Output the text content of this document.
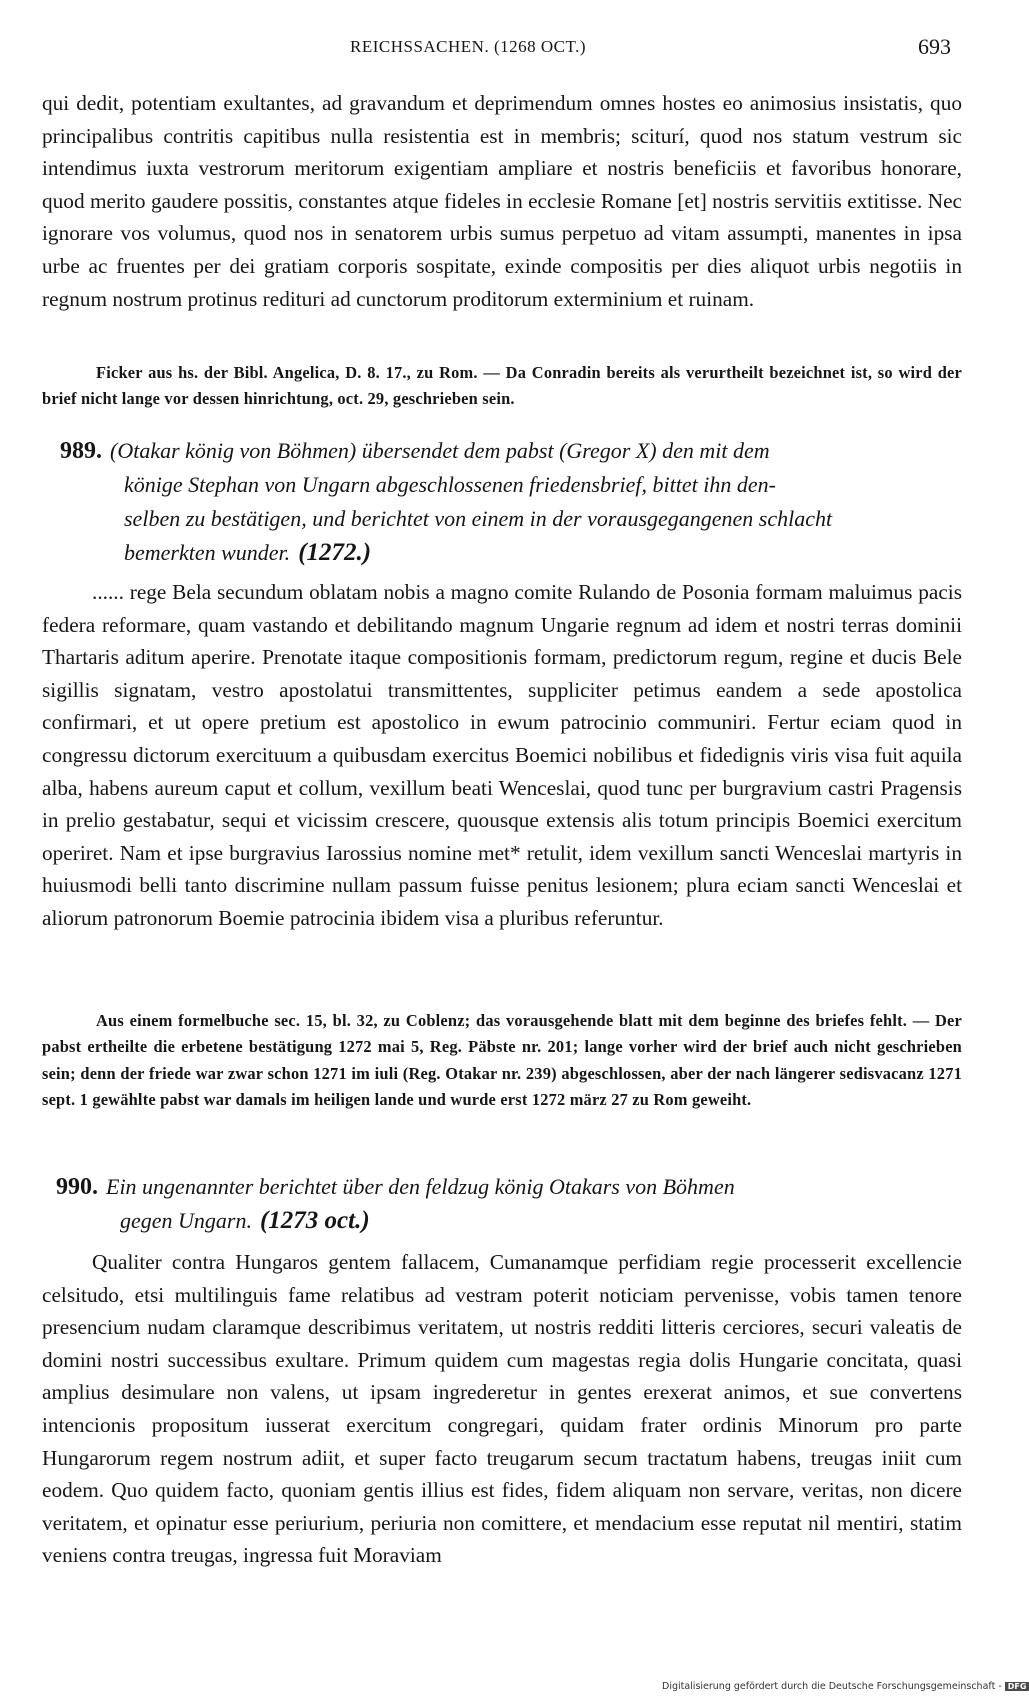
REICHSSACHEN. (1268 OCT.)	693

qui dedit, potentiam exultantes, ad gravandum et deprimendum omnes hostes eo animosius insistatis, quo principalibus contritis capitibus nulla resistentia est in membris; sciturí, quod nos statum vestrum sic intendimus iuxta vestrorum meritorum exigentiam ampliare et nostris beneficiis et favoribus honorare, quod merito gaudere possitis, constantes atque fideles in ecclesie Romane [et] nostris servitiis extitisse. Nec ignorare vos volumus, quod nos in senatorem urbis sumus perpetuo ad vitam assumpti, manentes in ipsa urbe ac fruentes per dei gratiam corporis sospitate, exinde compositis per dies aliquot urbis negotiis in regnum nostrum protinus redituri ad cunctorum proditorum exterminium et ruinam.

Ficker aus hs. der Bibl. Angelica, D. 8. 17., zu Rom. — Da Conradin bereits als verurtheilt bezeichnet ist, so wird der brief nicht lange vor dessen hinrichtung, oct. 29, geschrieben sein.

989. (Otakar könig von Böhmen) übersendet dem pabst (Gregor X) den mit dem
könige Stephan von Ungarn abgeschlossenen friedensbrief, bittet ihn den-
selben zu bestätigen, und berichtet von einem in der vorausgegangenen schlacht
bemerkten wunder. (1272.)

...... rege Bela secundum oblatam nobis a magno comite Rulando de Posonia formam maluimus pacis federa reformare, quam vastando et debilitando magnum Ungarie regnum ad idem et nostri terras dominii Thartaris aditum aperire. Prenotate itaque compositionis formam, predictorum regum, regine et ducis Bele sigillis signatam, vestro apostolatui transmittentes, suppliciter petimus eandem a sede apostolica confirmari, et ut opere pretium est apostolico in ewum patrocinio communiri. Fertur eciam quod in congressu dictorum exercituum a quibusdam exercitus Boemici nobilibus et fidedignis viris visa fuit aquila alba, habens aureum caput et collum, vexillum beati Wenceslai, quod tunc per burgravium castri Pragensis in prelio gestabatur, sequi et vicissim crescere, quousque extensis alis totum principis Boemici exercitum operiret. Nam et ipse burgravius Iarossius nomine met* retulit, idem vexillum sancti Wenceslai martyris in huiusmodi belli tanto discrimine nullam passum fuisse penitus lesionem; plura eciam sancti Wenceslai et aliorum patronorum Boemie patrocinia ibidem visa a pluribus referuntur.

Aus einem formelbuche sec. 15, bl. 32, zu Coblenz; das vorausgehende blatt mit dem beginne des briefes fehlt. — Der pabst ertheilte die erbetene bestätigung 1272 mai 5, Reg. Päbste nr. 201; lange vorher wird der brief auch nicht geschrieben sein; denn der friede war zwar schon 1271 im iuli (Reg. Otakar nr. 239) abgeschlossen, aber der nach längerer sedisvacanz 1271 sept. 1 gewählte pabst war damals im heiligen lande und wurde erst 1272 märz 27 zu Rom geweiht.

990. Ein ungenannter berichtet über den feldzug könig Otakars von Böhmen
gegen Ungarn. (1273 oct.)

Qualiter contra Hungaros gentem fallacem, Cumanamque perfidiam regie processerit excellencie celsitudo, etsi multilinguis fame relatibus ad vestram poterit noticiam pervenisse, vobis tamen tenore presencium nudam claramque describimus veritatem, ut nostris redditi litteris cerciores, securi valeatis de domini nostri successibus exultare. Primum quidem cum magestas regia dolis Hungarie concitata, quasi amplius desimulare non valens, ut ipsam ingrederetur in gentes erexerat animos, et sue convertens intencionis propositum iusserat exercitum congregari, quidam frater ordinis Minorum pro parte Hungarorum regem nostrum adiit, et super facto treugarum secum tractatum habens, treugas iniit cum eodem. Quo quidem facto, quoniam gentis illius est fides, fidem aliquam non servare, veritas, non dicere veritatem, et opinatur esse periurium, periuria non comittere, et mendacium esse reputat nil mentiri, statim veniens contra treugas, ingressa fuit Moraviam

Digitalisierung gefördert durch die Deutsche Forschungsgemeinschaft - DFG
